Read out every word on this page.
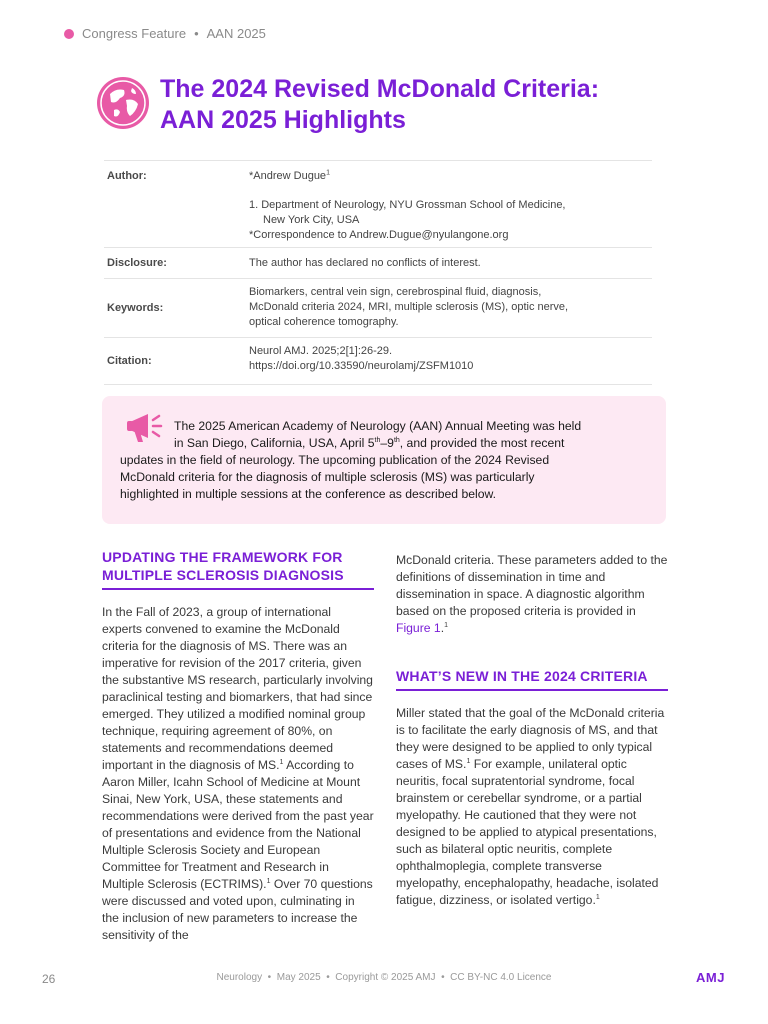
Congress Feature • AAN 2025
The 2024 Revised McDonald Criteria:
AAN 2025 Highlights
Author:	*Andrew Dugue$^1$
1. Department of Neurology, NYU Grossman School of Medicine,
New York City, USA
*Correspondence to Andrew.Dugue@nyulangone.org
Disclosure:	The author has declared no conflicts of interest.
Keywords:
Biomarkers, central vein sign, cerebrospinal fluid, diagnosis,
McDonald criteria 2024, MRI, multiple sclerosis (MS), optic nerve,
optical coherence tomography.
Citation:
Neurol AMJ. 2025;2[1]:26-29.
https://doi.org/10.33590/neurolamj/ZSFM1010
The 2025 American Academy of Neurology (AAN) Annual Meeting was held
in San Diego, California, USA, April 5th–9th, and provided the most recent
updates in the field of neurology. The upcoming publication of the 2024 Revised
McDonald criteria for the diagnosis of multiple sclerosis (MS) was particularly
highlighted in multiple sessions at the conference as described below.
UPDATING THE FRAMEWORK FOR
MULTIPLE SCLEROSIS DIAGNOSIS

In the Fall of 2023, a group of international experts convened to examine the McDonald criteria for the diagnosis of MS. There was an imperative for revision of the 2017 criteria, given the substantive MS research, particularly involving paraclinical testing and biomarkers, that had since emerged. They utilized a modified nominal group technique, requiring agreement of 80%, on statements and recommendations deemed important in the diagnosis of MS.$^1$ According to Aaron Miller, Icahn School of Medicine at Mount Sinai, New York, USA, these statements and recommendations were derived from the past year of presentations and evidence from the National Multiple Sclerosis Society and European Committee for Treatment and Research in Multiple Sclerosis (ECTRIMS).$^1$ Over 70 questions were discussed and voted upon, culminating in the inclusion of new parameters to increase the sensitivity of the

McDonald criteria. These parameters added to the definitions of dissemination in time and dissemination in space. A diagnostic algorithm based on the proposed criteria is provided in Figure 1.$^1$

WHAT’S NEW IN THE 2024 CRITERIA

Miller stated that the goal of the McDonald criteria is to facilitate the early diagnosis of MS, and that they were designed to be applied to only typical cases of MS.$^1$ For example, unilateral optic neuritis, focal supratentorial syndrome, focal brainstem or cerebellar syndrome, or a partial myelopathy. He cautioned that they were not designed to be applied to atypical presentations, such as bilateral optic neuritis, complete ophthalmoplegia, complete transverse myelopathy, encephalopathy, headache, isolated fatigue, dizziness, or isolated vertigo.$^1$

26	Neurology • May 2025 • Copyright © 2025 AMJ • CC BY-NC 4.0 Licence	AMJ
